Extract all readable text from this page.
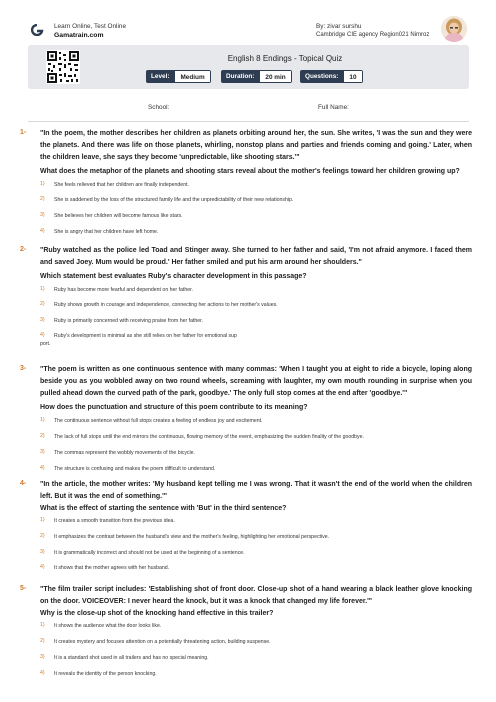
Learn Online, Test Online
Gamatrain.com
By: zivar surshu
Cambridge CIE agency Region021 Nimroz
English 8 Endings - Topical Quiz
Level:	Medium	Duration:	20 min	Questions:	10
School:	Full Name:
1- "In the poem, the mother describes her children as planets orbiting around her, the sun. She writes, 'I was the sun and they were the planets. And there was life on those planets, whirling, nonstop plans and parties and friends coming and going.' Later, when the children leave, she says they become 'unpredictable, like shooting stars.'"

What does the metaphor of the planets and shooting stars reveal about the mother's feelings toward her children growing up?

1) She feels relieved that her children are finally independent.
2) She is saddened by the loss of the structured family life and the unpredictability of their new relationship.
3) She believes her children will become famous like stars.
4) She is angry that her children have left home.
2- "Ruby watched as the police led Toad and Stinger away. She turned to her father and said, 'I'm not afraid anymore. I faced them and saved Joey. Mum would be proud.' Her father smiled and put his arm around her shoulders."

Which statement best evaluates Ruby's character development in this passage?

1) Ruby has become more fearful and dependent on her father.
2) Ruby shows growth in courage and independence, connecting her actions to her mother's values.
3) Ruby is primarily concerned with receiving praise from her father.
4) Ruby's development is minimal as she still relies on her father for emotional sup
port.
3- "The poem is written as one continuous sentence with many commas: 'When I taught you at eight to ride a bicycle, loping along beside you as you wobbled away on two round wheels, screaming with laughter, my own mouth rounding in surprise when you pulled ahead down the curved path of the park, goodbye.' The only full stop comes at the end after 'goodbye.'"

How does the punctuation and structure of this poem contribute to its meaning?

1) The continuous sentence without full stops creates a feeling of endless joy and excitement.
2) The lack of full stops until the end mirrors the continuous, flowing memory of the event, emphasizing the sudden finality of the goodbye.
3) The commas represent the wobbly movements of the bicycle.
4) The structure is confusing and makes the poem difficult to understand.
4- "In the article, the mother writes: 'My husband kept telling me I was wrong. That it wasn't the end of the world when the children left. But it was the end of something.'"

What is the effect of starting the sentence with 'But' in the third sentence?

1) It creates a smooth transition from the previous idea.
2) It emphasizes the contrast between the husband's view and the mother's feeling, highlighting her emotional perspective.
3) It is grammatically incorrect and should not be used at the beginning of a sentence.
4) It shows that the mother agrees with her husband.
5- "The film trailer script includes: 'Establishing shot of front door. Close-up shot of a hand wearing a black leather glove knocking on the door. VOICEOVER: I never heard the knock, but it was a knock that changed my life forever.'"

Why is the close-up shot of the knocking hand effective in this trailer?

1) It shows the audience what the door looks like.
2) It creates mystery and focuses attention on a potentially threatening action, building suspense.
3) It is a standard shot used in all trailers and has no special meaning.
4) It reveals the identity of the person knocking.
